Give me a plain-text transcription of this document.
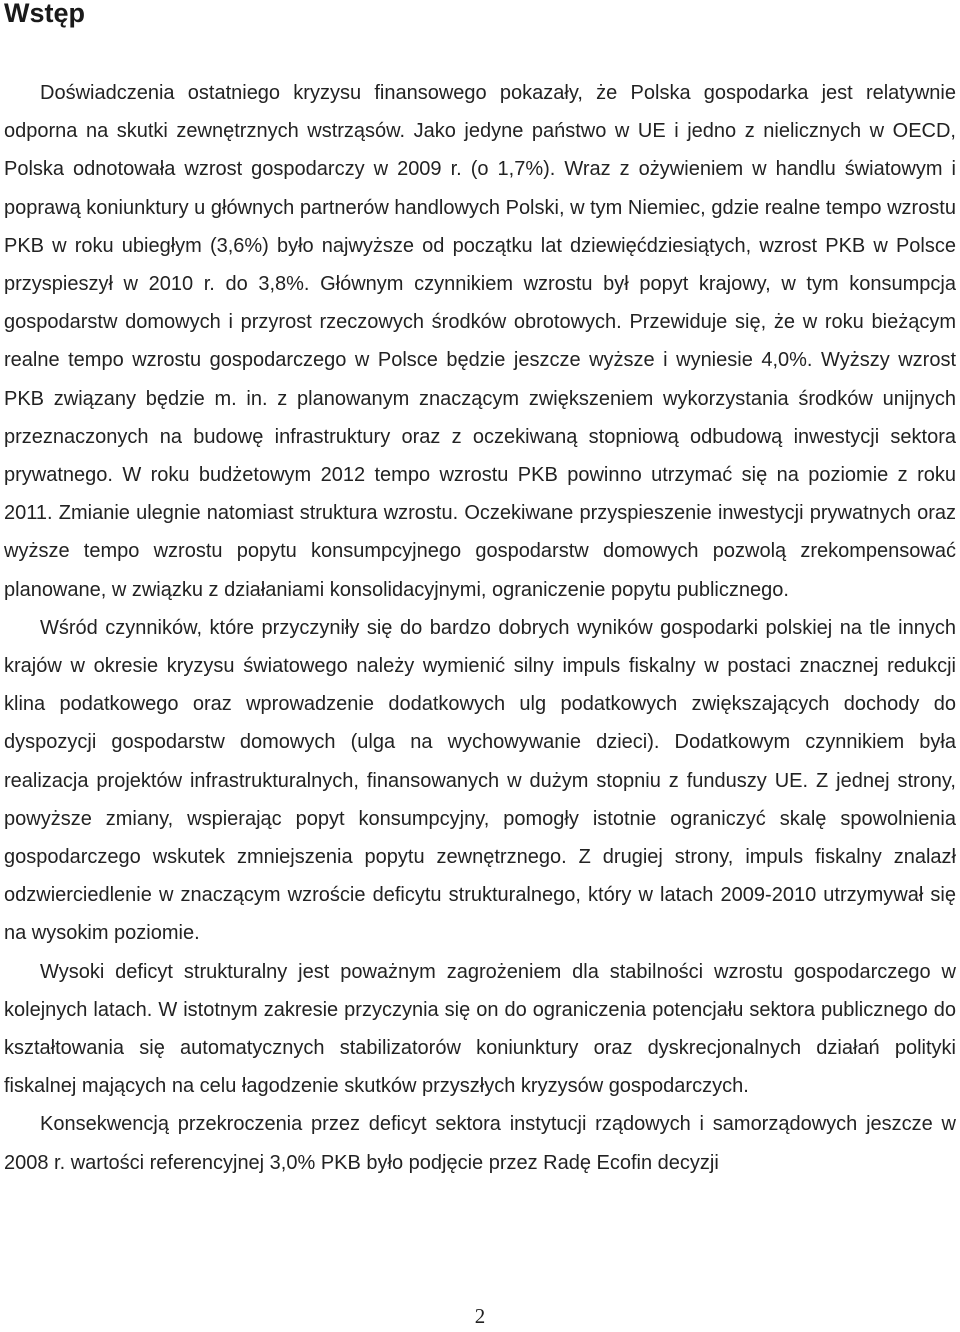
Wstęp

Doświadczenia ostatniego kryzysu finansowego pokazały, że Polska gospodarka jest relatywnie odporna na skutki zewnętrznych wstrząsów. Jako jedyne państwo w UE i jedno z nielicznych w OECD, Polska odnotowała wzrost gospodarczy w 2009 r. (o 1,7%). Wraz z ożywieniem w handlu światowym i poprawą koniunktury u głównych partnerów handlowych Polski, w tym Niemiec, gdzie realne tempo wzrostu PKB w roku ubiegłym (3,6%) było najwyższe od początku lat dziewięćdziesiątych, wzrost PKB w Polsce przyspieszył w 2010 r. do 3,8%. Głównym czynnikiem wzrostu był popyt krajowy, w tym konsumpcja gospodarstw domowych i przyrost rzeczowych środków obrotowych. Przewiduje się, że w roku bieżącym realne tempo wzrostu gospodarczego w Polsce będzie jeszcze wyższe i wyniesie 4,0%. Wyższy wzrost PKB związany będzie m. in. z planowanym znaczącym zwiększeniem wykorzystania środków unijnych przeznaczonych na budowę infrastruktury oraz z oczekiwaną stopniową odbudową inwestycji sektora prywatnego. W roku budżetowym 2012 tempo wzrostu PKB powinno utrzymać się na poziomie z roku 2011. Zmianie ulegnie natomiast struktura wzrostu. Oczekiwane przyspieszenie inwestycji prywatnych oraz wyższe tempo wzrostu popytu konsumpcyjnego gospodarstw domowych pozwolą zrekompensować planowane, w związku z działaniami konsolidacyjnymi, ograniczenie popytu publicznego.

Wśród czynników, które przyczyniły się do bardzo dobrych wyników gospodarki polskiej na tle innych krajów w okresie kryzysu światowego należy wymienić silny impuls fiskalny w postaci znacznej redukcji klina podatkowego oraz wprowadzenie dodatkowych ulg podatkowych zwiększających dochody do dyspozycji gospodarstw domowych (ulga na wychowywanie dzieci). Dodatkowym czynnikiem była realizacja projektów infrastrukturalnych, finansowanych w dużym stopniu z funduszy UE. Z jednej strony, powyższe zmiany, wspierając popyt konsumpcyjny, pomogły istotnie ograniczyć skalę spowolnienia gospodarczego wskutek zmniejszenia popytu zewnętrznego. Z drugiej strony, impuls fiskalny znalazł odzwierciedlenie w znaczącym wzroście deficytu strukturalnego, który w latach 2009-2010 utrzymywał się na wysokim poziomie.

Wysoki deficyt strukturalny jest poważnym zagrożeniem dla stabilności wzrostu gospodarczego w kolejnych latach. W istotnym zakresie przyczynia się on do ograniczenia potencjału sektora publicznego do kształtowania się automatycznych stabilizatorów koniunktury oraz dyskrecjonalnych działań polityki fiskalnej mających na celu łagodzenie skutków przyszłych kryzysów gospodarczych.

Konsekwencją przekroczenia przez deficyt sektora instytucji rządowych i samorządowych jeszcze w 2008 r. wartości referencyjnej 3,0% PKB było podjęcie przez Radę Ecofin decyzji

2
